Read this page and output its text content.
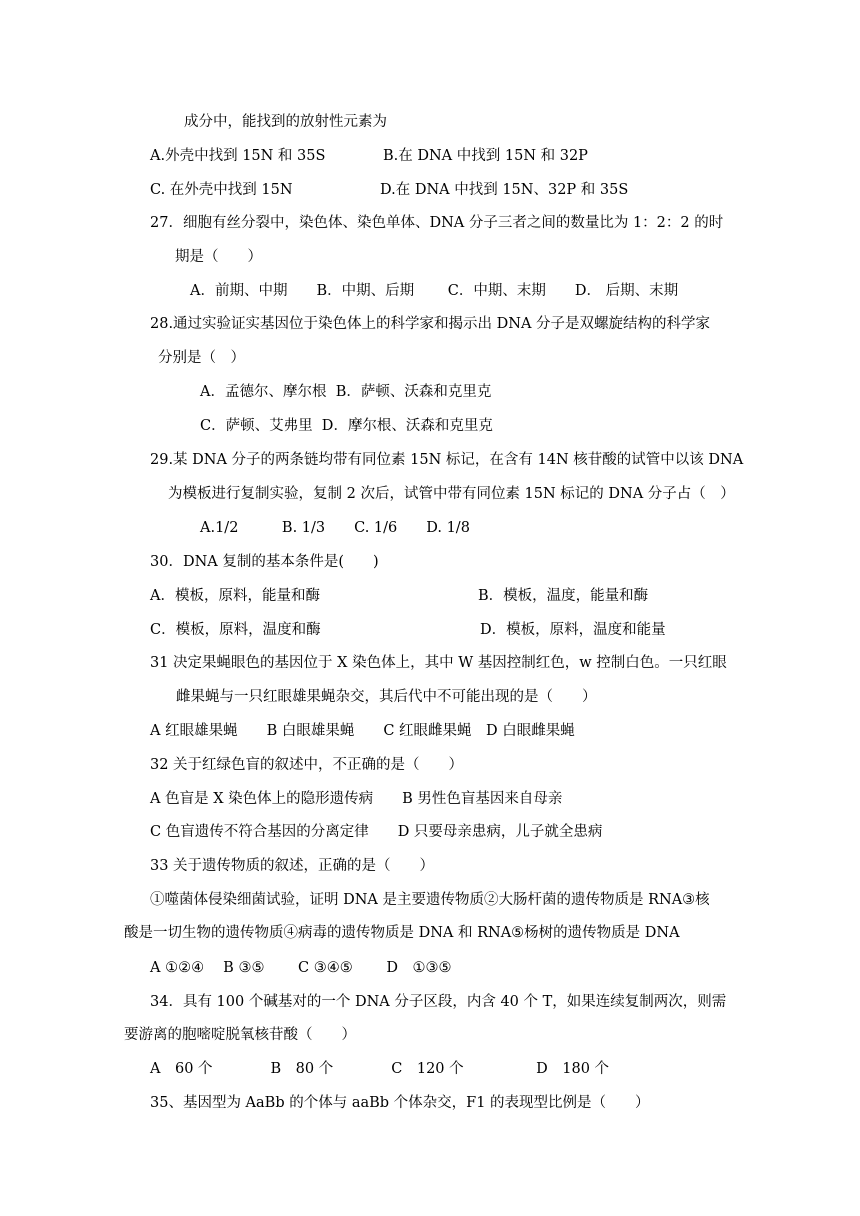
成分中，能找到的放射性元素为
A.外壳中找到 15N 和 35S	B.在 DNA 中找到 15N 和 32P
C. 在外壳中找到 15N	D.在 DNA 中找到 15N、32P 和 35S
27．细胞有丝分裂中，染色体、染色单体、DNA 分子三者之间的数量比为 1：2：2 的时
期是（　　）
A．前期、中期　　B．中期、后期　　 C．中期、末期　　D． 后期、末期
28.通过实验证实基因位于染色体上的科学家和揭示出 DNA 分子是双螺旋结构的科学家
分别是（　）
A．孟德尔、摩尔根  B．萨顿、沃森和克里克
C．萨顿、艾弗里  D．摩尔根、沃森和克里克
29.某 DNA 分子的两条链均带有同位素 15N 标记，在含有 14N 核苷酸的试管中以该 DNA
为模板进行复制实验，复制 2 次后，试管中带有同位素 15N 标记的 DNA 分子占（　）
A.1/2　　　B. 1/3　　C. 1/6　　D. 1/8
30．DNA 复制的基本条件是(　　)
A．模板，原料，能量和酶	B．模板，温度，能量和酶
C．模板，原料，温度和酶	D．模板，原料，温度和能量
31 决定果蝇眼色的基因位于 X 染色体上，其中 W 基因控制红色，w 控制白色。一只红眼
雌果蝇与一只红眼雄果蝇杂交，其后代中不可能出现的是（　　）
A 红眼雄果蝇　　B 白眼雄果蝇　　C 红眼雌果蝇　D 白眼雌果蝇
32 关于红绿色盲的叙述中，不正确的是（　　）
A 色盲是 X 染色体上的隐形遗传病　　B 男性色盲基因来自母亲
C 色盲遗传不符合基因的分离定律　　D 只要母亲患病，儿子就全患病
33 关于遗传物质的叙述，正确的是（　　）
①噬菌体侵染细菌试验，证明 DNA 是主要遗传物质②大肠杆菌的遗传物质是 RNA③核
酸是一切生物的遗传物质④病毒的遗传物质是 DNA 和 RNA⑤杨树的遗传物质是 DNA
A ①②④　 B ③⑤　　 C ③④⑤　　 D　①③⑤
34．具有 100 个碱基对的一个 DNA 分子区段，内含 40 个 T，如果连续复制两次，则需
要游离的胞嘧啶脱氧核苷酸（　　）
A　60 个　　　　B　80 个　　　　C　120 个　　　　　D　180 个
35、基因型为 AaBb 的个体与 aaBb 个体杂交，F1 的表现型比例是（　　）
